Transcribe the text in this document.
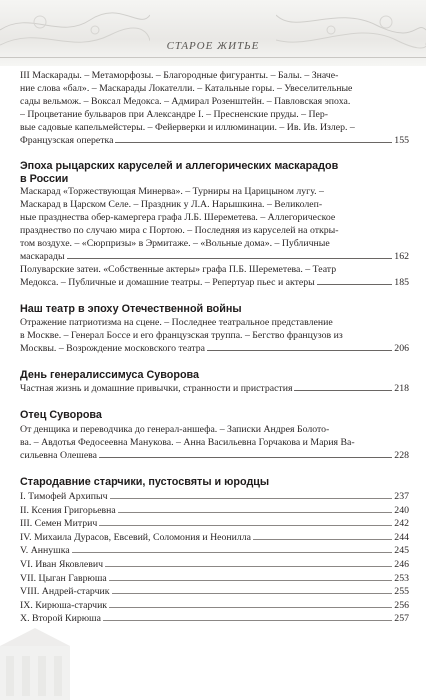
СТАРОЕ ЖИТЬЕ
III Маскарады. – Метаморфозы. – Благородные фигуранты. – Балы. – Значе-
ние слова «бал». – Маскарады Локателли. – Катальные горы. – Увеселительные
сады вельмож. – Воксал Медокса. – Адмирал Розенштейн. – Павловская эпоха.
– Процветание бульваров при Александре I. – Пресненские пруды. – Пер-
вые садовые капельмейстеры. – Фейерверки и иллюминации. – Ив. Ив. Излер. –
Французская оперетка	155
Эпоха рыцарских каруселей и аллегорических маскарадов
в России
Маскарад «Торжествующая Минерва». – Турниры на Царицыном лугу. –
Маскарад в Царском Селе. – Праздник у Л.А. Нарышкина. – Великолеп-
ные празднеcтва обер-камергера графа Л.Б. Шереметева. – Аллегорическое
празднество по случаю мира с Портою. – Последняя из каруселей на откры-
том воздухе. – «Сюрпризы» в Эрмитаже. – «Вольные дома». – Публичные
маскарады	162
Полуварские затеи. «Собственные актеры» графа П.Б. Шереметева. – Театр
Медокса. – Публичные и домашние театры. – Репертуар пьес и актеры	185
Наш театр в эпоху Отечественной войны
Отражение патриотизма на сцене. – Последнее театральное представление
в Москве. – Генерал Боссе и его французская труппа. – Бегство французов из
Москвы. – Возрождение московского театра	206
День генералиссимуса Суворова
Частная жизнь и домашние привычки, странности и пристрастия	218
Отец Суворова
От денщика и переводчика до генерал-аншефа. – Записки Андрея Болото-
ва. – Авдотья Федосеевна Манукова. – Анна Васильевна Горчакова и Мария Ва-
сильевна Олешева	228
Стародавние старчики, пустосвяты и юродцы
I. Тимофей Архипыч	237
II. Ксения Григорьевна	240
III. Семен Митрич	242
IV. Михаила Дурасов, Евсевий, Соломония и Неонилла	244
V. Аннушка	245
VI. Иван Яковлевич	246
VII. Цыган Гаврюша	253
VIII. Андрей-старчик	255
IX. Кирюша-старчик	256
X. Второй Кирюша	257
